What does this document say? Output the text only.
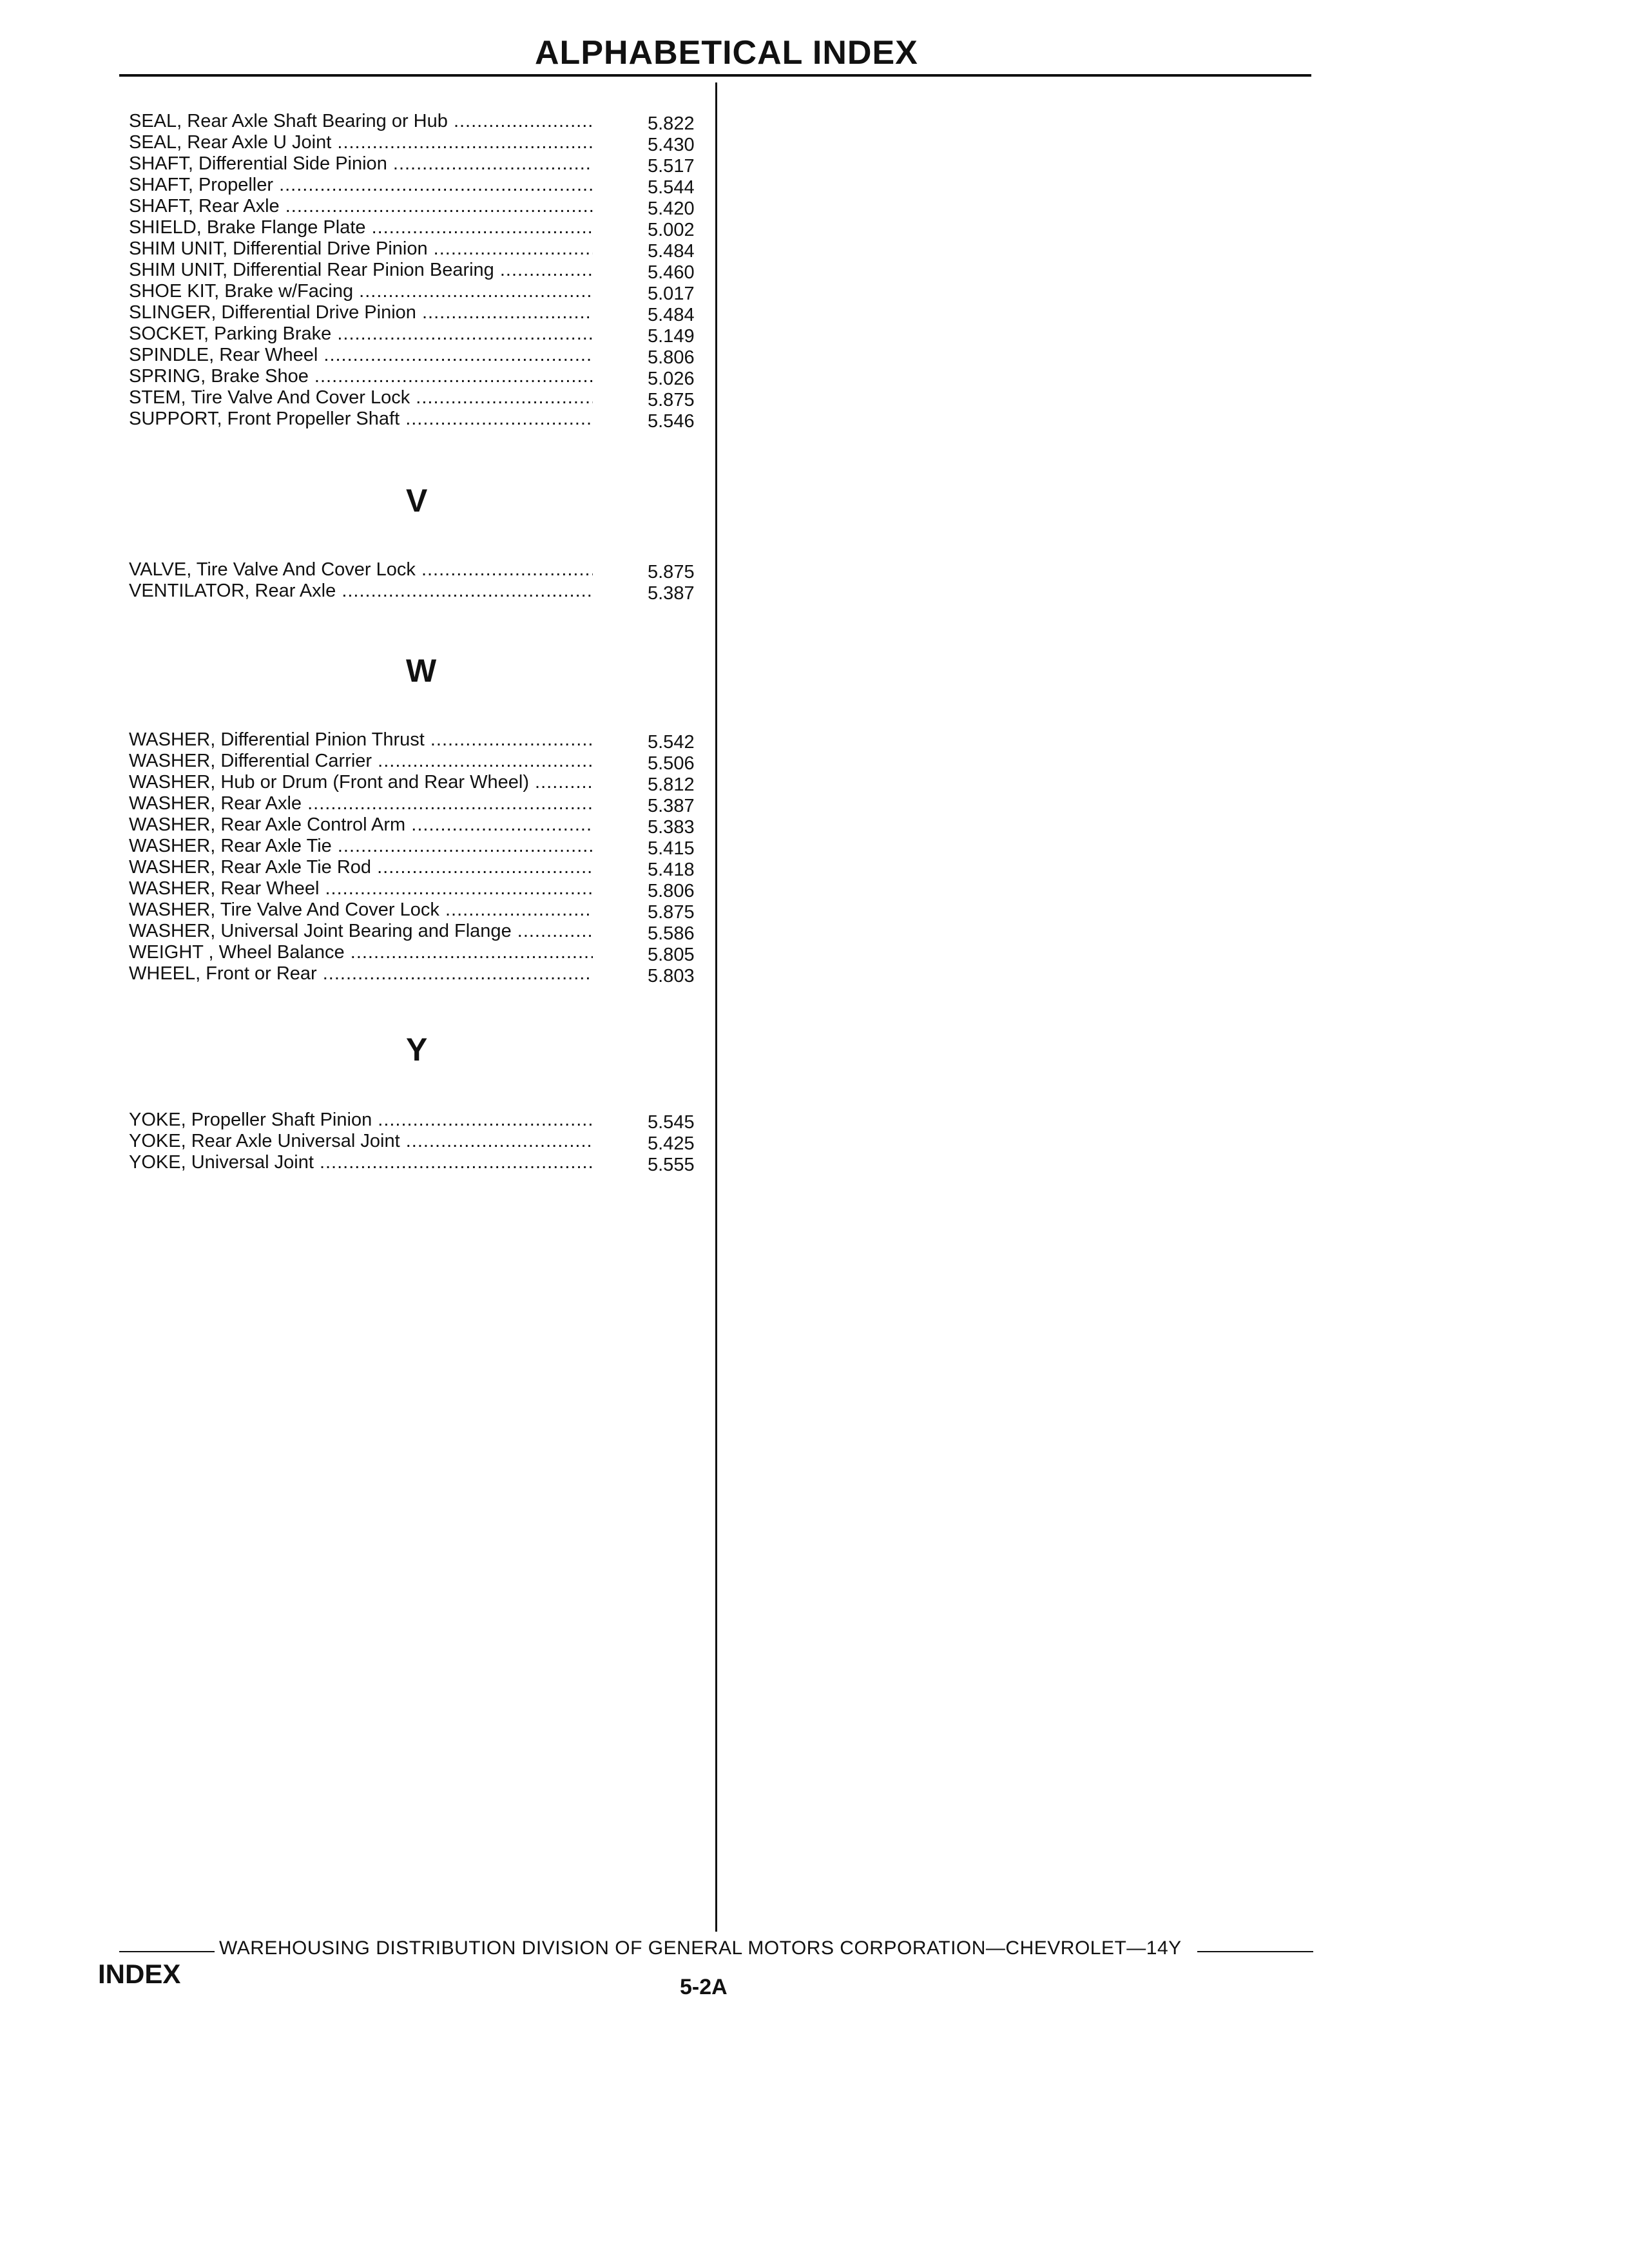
ALPHABETICAL INDEX
SEAL, Rear Axle Shaft Bearing or Hub .....	5.822
SEAL, Rear Axle U Joint .....	5.430
SHAFT, Differential Side Pinion .....	5.517
SHAFT, Propeller .....	5.544
SHAFT, Rear Axle .....	5.420
SHIELD, Brake Flange Plate .....	5.002
SHIM UNIT, Differential Drive Pinion .....	5.484
SHIM UNIT, Differential Rear Pinion Bearing .....	5.460
SHOE KIT, Brake w/Facing .....	5.017
SLINGER, Differential Drive Pinion .....	5.484
SOCKET, Parking Brake .....	5.149
SPINDLE, Rear Wheel .....	5.806
SPRING, Brake Shoe .....	5.026
STEM, Tire Valve And Cover Lock .....	5.875
SUPPORT, Front Propeller Shaft .....	5.546
V
VALVE, Tire Valve And Cover Lock .....	5.875
VENTILATOR, Rear Axle .....	5.387
W
WASHER, Differential Pinion Thrust .....	5.542
WASHER, Differential Carrier .....	5.506
WASHER, Hub or Drum (Front and Rear Wheel) .....	5.812
WASHER, Rear Axle .....	5.387
WASHER, Rear Axle Control Arm .....	5.383
WASHER, Rear Axle Tie .....	5.415
WASHER, Rear Axle Tie Rod .....	5.418
WASHER, Rear Wheel .....	5.806
WASHER, Tire Valve And Cover Lock .....	5.875
WASHER, Universal Joint Bearing and Flange .....	5.586
WEIGHT , Wheel Balance .....	5.805
WHEEL, Front or Rear .....	5.803
Y
YOKE, Propeller Shaft Pinion .....	5.545
YOKE, Rear Axle Universal Joint .....	5.425
YOKE, Universal Joint .....	5.555
WAREHOUSING DISTRIBUTION DIVISION OF GENERAL MOTORS CORPORATION—CHEVROLET—14Y
INDEX	5-2A
